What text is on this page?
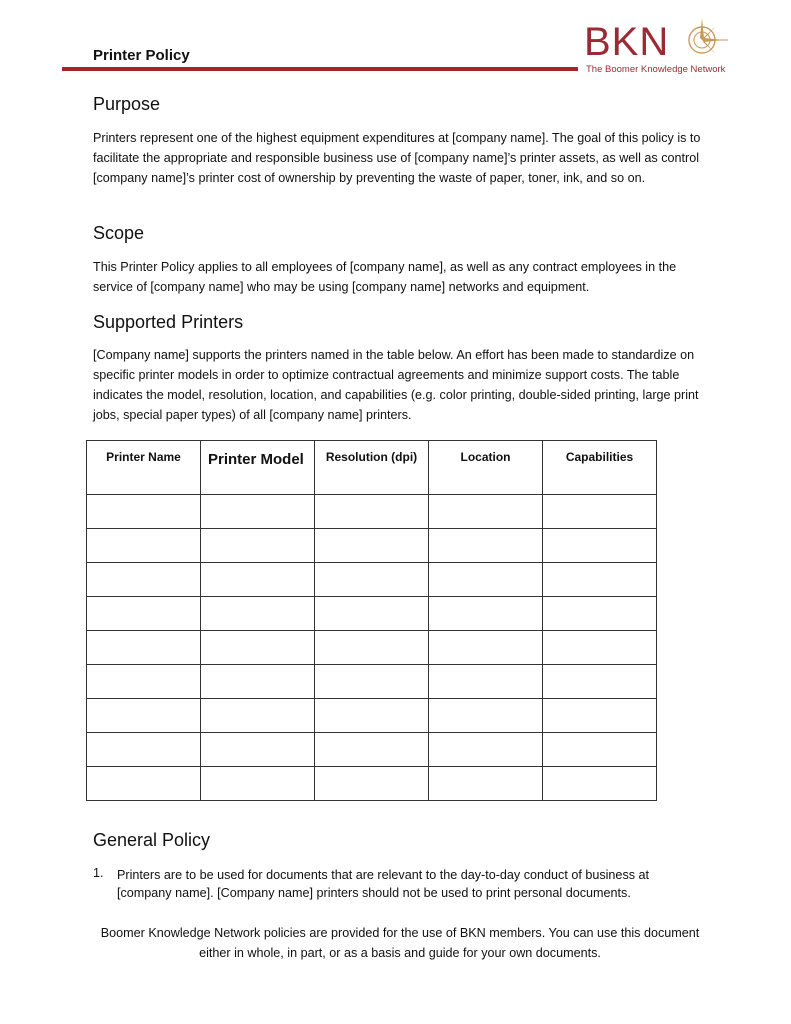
Printer Policy	BKN
The Boomer Knowledge Network
Purpose

Printers represent one of the highest equipment expenditures at [company name]. The goal of this policy is to facilitate the appropriate and responsible business use of [company name]’s printer assets, as well as control [company name]’s printer cost of ownership by preventing the waste of paper, toner, ink, and so on.

Scope

This Printer Policy applies to all employees of [company name], as well as any contract employees in the service of [company name] who may be using [company name] networks and equipment.

Supported Printers

[Company name] supports the printers named in the table below. An effort has been made to standardize on specific printer models in order to optimize contractual agreements and minimize support costs. The table indicates the model, resolution, location, and capabilities (e.g. color printing, double-sided printing, large print jobs, special paper types) of all [company name] printers.

Printer Name	Printer Model	Resolution (dpi)	Location	Capabilities

General Policy
1. Printers are to be used for documents that are relevant to the day-to-day conduct of business at [company name]. [Company name] printers should not be used to print personal documents.

Boomer Knowledge Network policies are provided for the use of BKN members. You can use this document either in whole, in part, or as a basis and guide for your own documents.
